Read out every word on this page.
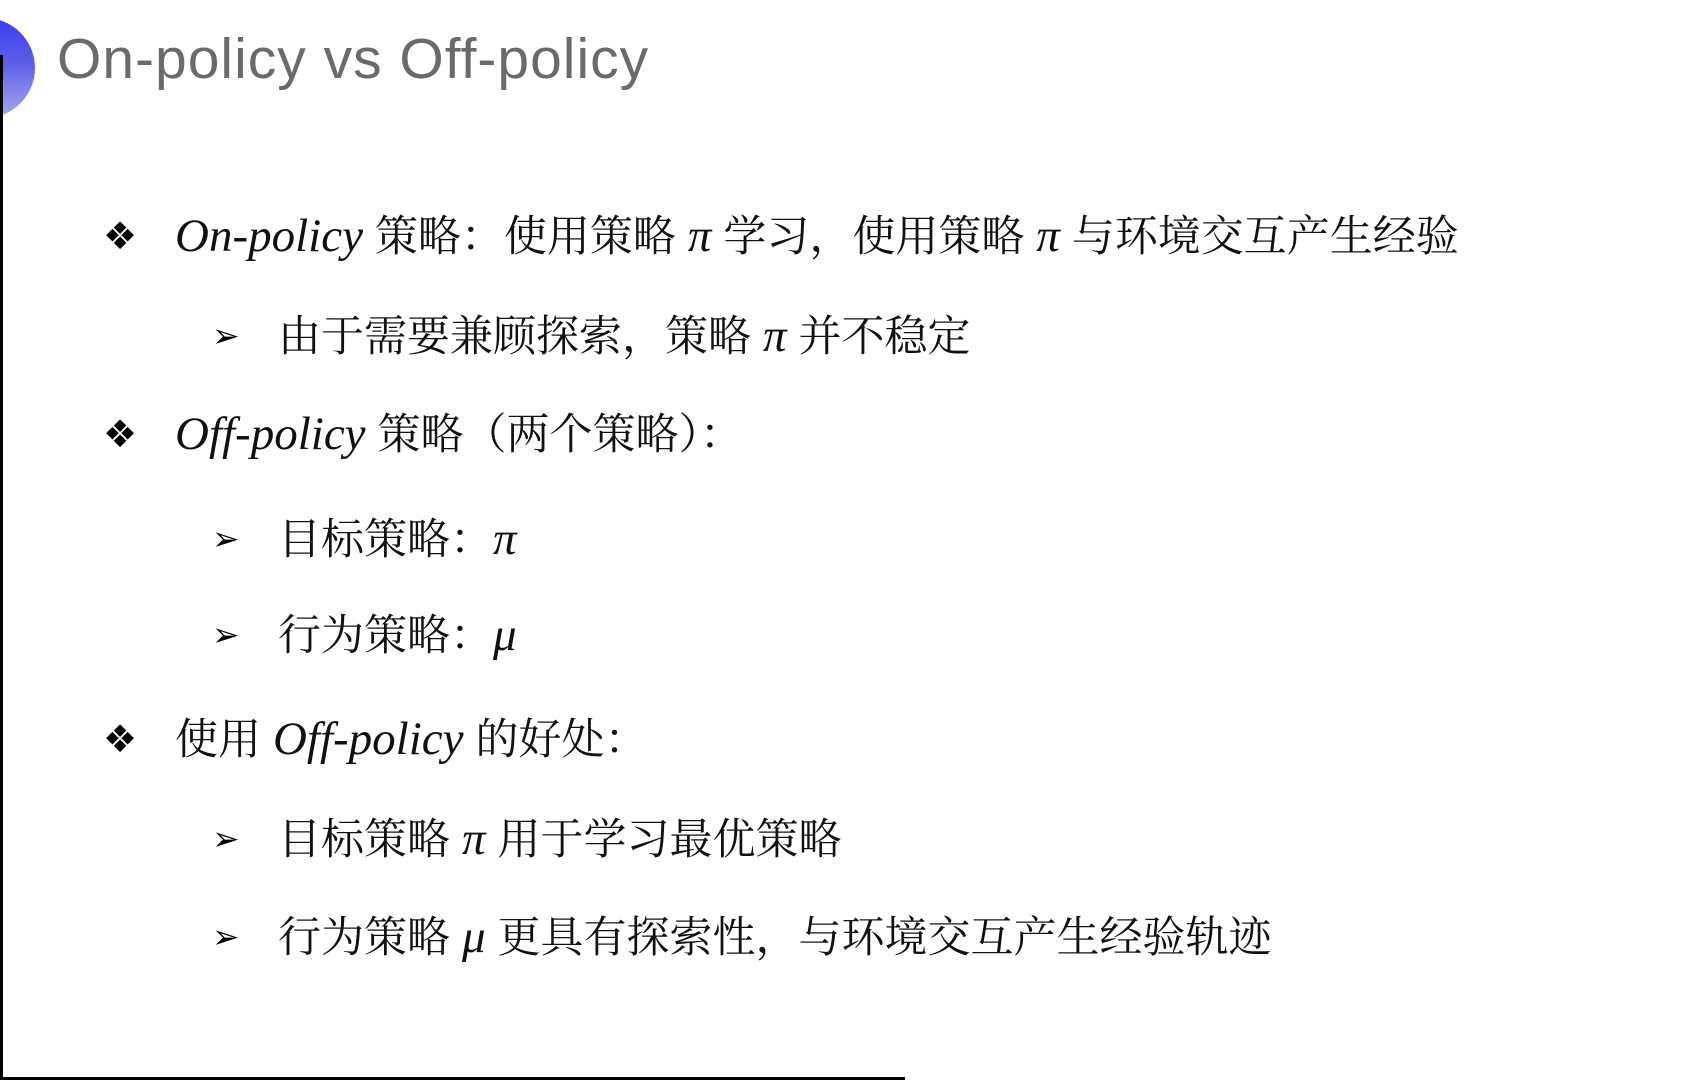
On-policy vs Off-policy
❖ On-policy 策略：使用策略 π 学习，使用策略 π 与环境交互产生经验
➢ 由于需要兼顾探索，策略 π 并不稳定
❖ Off-policy 策略（两个策略）：
➢ 目标策略：π
➢ 行为策略：μ
❖ 使用 Off-policy 的好处：
➢ 目标策略 π 用于学习最优策略
➢ 行为策略 μ 更具有探索性，与环境交互产生经验轨迹
